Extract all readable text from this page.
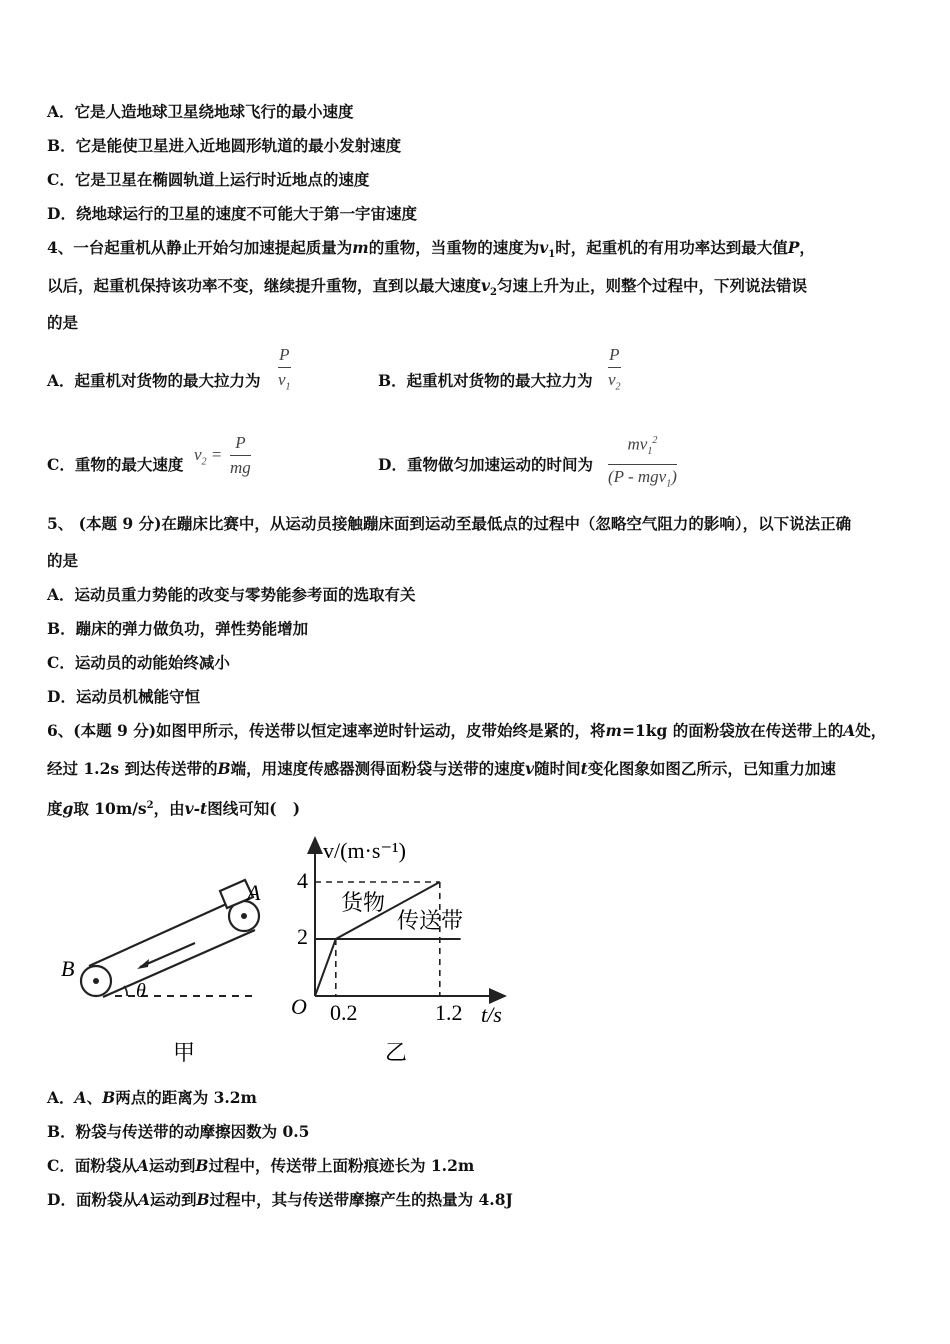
A．它是人造地球卫星绕地球飞行的最小速度
B．它是能使卫星进入近地圆形轨道的最小发射速度
C．它是卫星在椭圆轨道上运行时近地点的速度
D．绕地球运行的卫星的速度不可能大于第一宇宙速度
4、一台起重机从静止开始匀加速提起质量为m的重物，当重物的速度为$v_1$时，起重机的有用功率达到最大值P，
以后，起重机保持该功率不变，继续提升重物，直到以最大速度$v_2$匀速上升为止，则整个过程中，下列说法错误
的是
A．起重机对货物的最大拉力为
P
$v_1$	B．起重机对货物的最大拉力为
P
$v_2$
C．重物的最大速度
$v_2$ =
P
mg	D．重物做匀加速运动的时间为
$mv_1^2$
(P - mgv$_1$)
5、 (本题 9 分)在蹦床比赛中，从运动员接触蹦床面到运动至最低点的过程中（忽略空气阻力的影响），以下说法正确
的是
A．运动员重力势能的改变与零势能参考面的选取有关
B．蹦床的弹力做负功，弹性势能增加
C．运动员的动能始终减小
D．运动员机械能守恒
6、(本题 9 分)如图甲所示，传送带以恒定速率逆时针运动，皮带始终是紧的，将m=1kg 的面粉袋放在传送带上的A处，
经过 1.2s 到达传送带的B端，用速度传感器测得面粉袋与送带的速度v随时间t变化图象如图乙所示，已知重力加速
度g取 $10m/s^2$，由v-t图线可知( )
B
A
θ
甲
v/(m·s⁻¹)
t/s
O
4
2
0.2	1.2
货物
传送带
乙
A．A、B两点的距离为 3.2m
B．粉袋与传送带的动摩擦因数为 0.5
C．面粉袋从A运动到B过程中，传送带上面粉痕迹长为 1.2m
D．面粉袋从A运动到B过程中，其与传送带摩擦产生的热量为 4.8J
